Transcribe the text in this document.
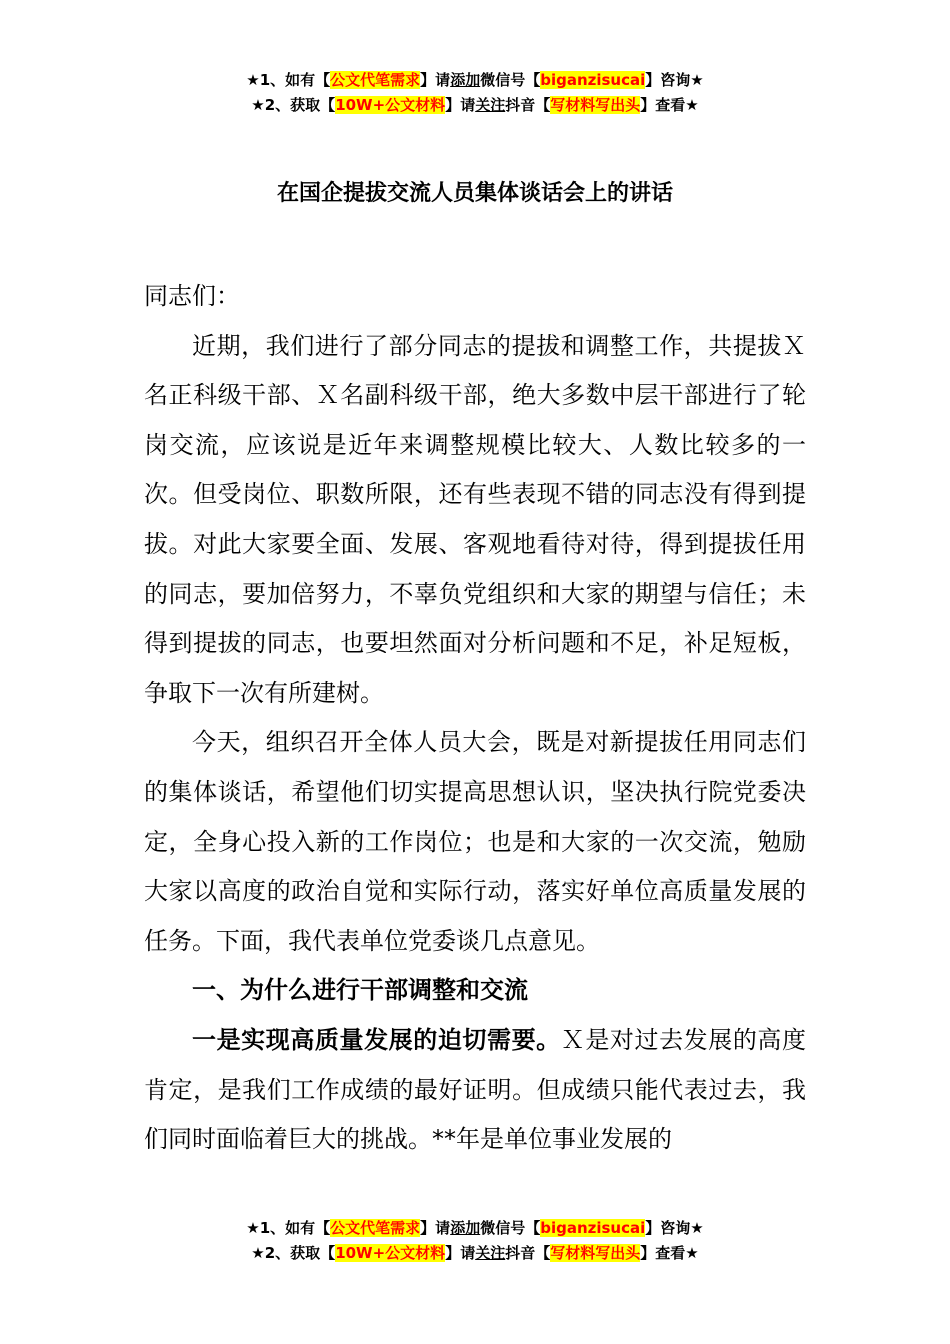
★1、如有【公文代笔需求】请添加微信号【biganzisucai】咨询★
★2、获取【10W+公文材料】请关注抖音【写材料写出头】查看★
在国企提拔交流人员集体谈话会上的讲话

同志们：

近期，我们进行了部分同志的提拔和调整工作，共提拔Ｘ名正科级干部、Ｘ名副科级干部，绝大多数中层干部进行了轮岗交流，应该说是近年来调整规模比较大、人数比较多的一次。但受岗位、职数所限，还有些表现不错的同志没有得到提拔。对此大家要全面、发展、客观地看待对待，得到提拔任用的同志，要加倍努力，不辜负党组织和大家的期望与信任；未得到提拔的同志，也要坦然面对分析问题和不足，补足短板，争取下一次有所建树。

今天，组织召开全体人员大会，既是对新提拔任用同志们的集体谈话，希望他们切实提高思想认识，坚决执行院党委决定，全身心投入新的工作岗位；也是和大家的一次交流，勉励大家以高度的政治自觉和实际行动，落实好单位高质量发展的任务。下面，我代表单位党委谈几点意见。

一、为什么进行干部调整和交流

一是实现高质量发展的迫切需要。Ｘ是对过去发展的高度肯定，是我们工作成绩的最好证明。但成绩只能代表过去，我们同时面临着巨大的挑战。**年是单位事业发展的

★1、如有【公文代笔需求】请添加微信号【biganzisucai】咨询★
★2、获取【10W+公文材料】请关注抖音【写材料写出头】查看★
